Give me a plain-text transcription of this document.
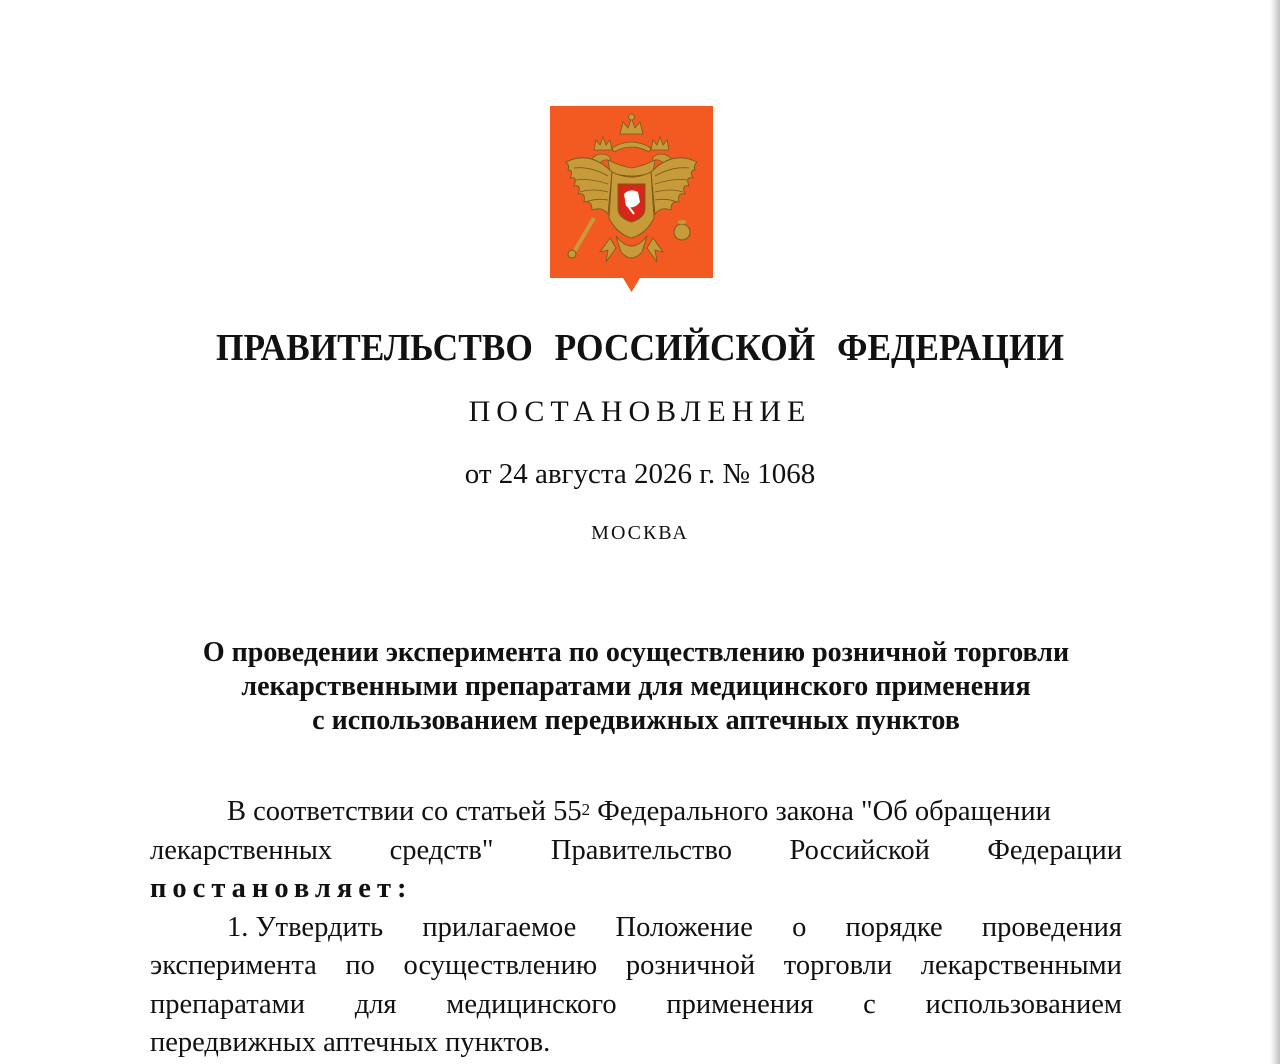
ПРАВИТЕЛЬСТВО РОССИЙСКОЙ ФЕДЕРАЦИИ
ПОСТАНОВЛЕНИЕ
от 24 августа 2026 г. № 1068
МОСКВА
О проведении эксперимента по осуществлению розничной торговли
лекарственными препаратами для медицинского применения
с использованием передвижных аптечных пунктов
В соответствии со статьей $55^2$ Федерального закона "Об обращении
лекарственных средств" Правительство Российской Федерации
постановляет:
1. Утвердить прилагаемое Положение о порядке проведения
эксперимента по осуществлению розничной торговли лекарственными
препаратами для медицинского применения с использованием
передвижных аптечных пунктов.
